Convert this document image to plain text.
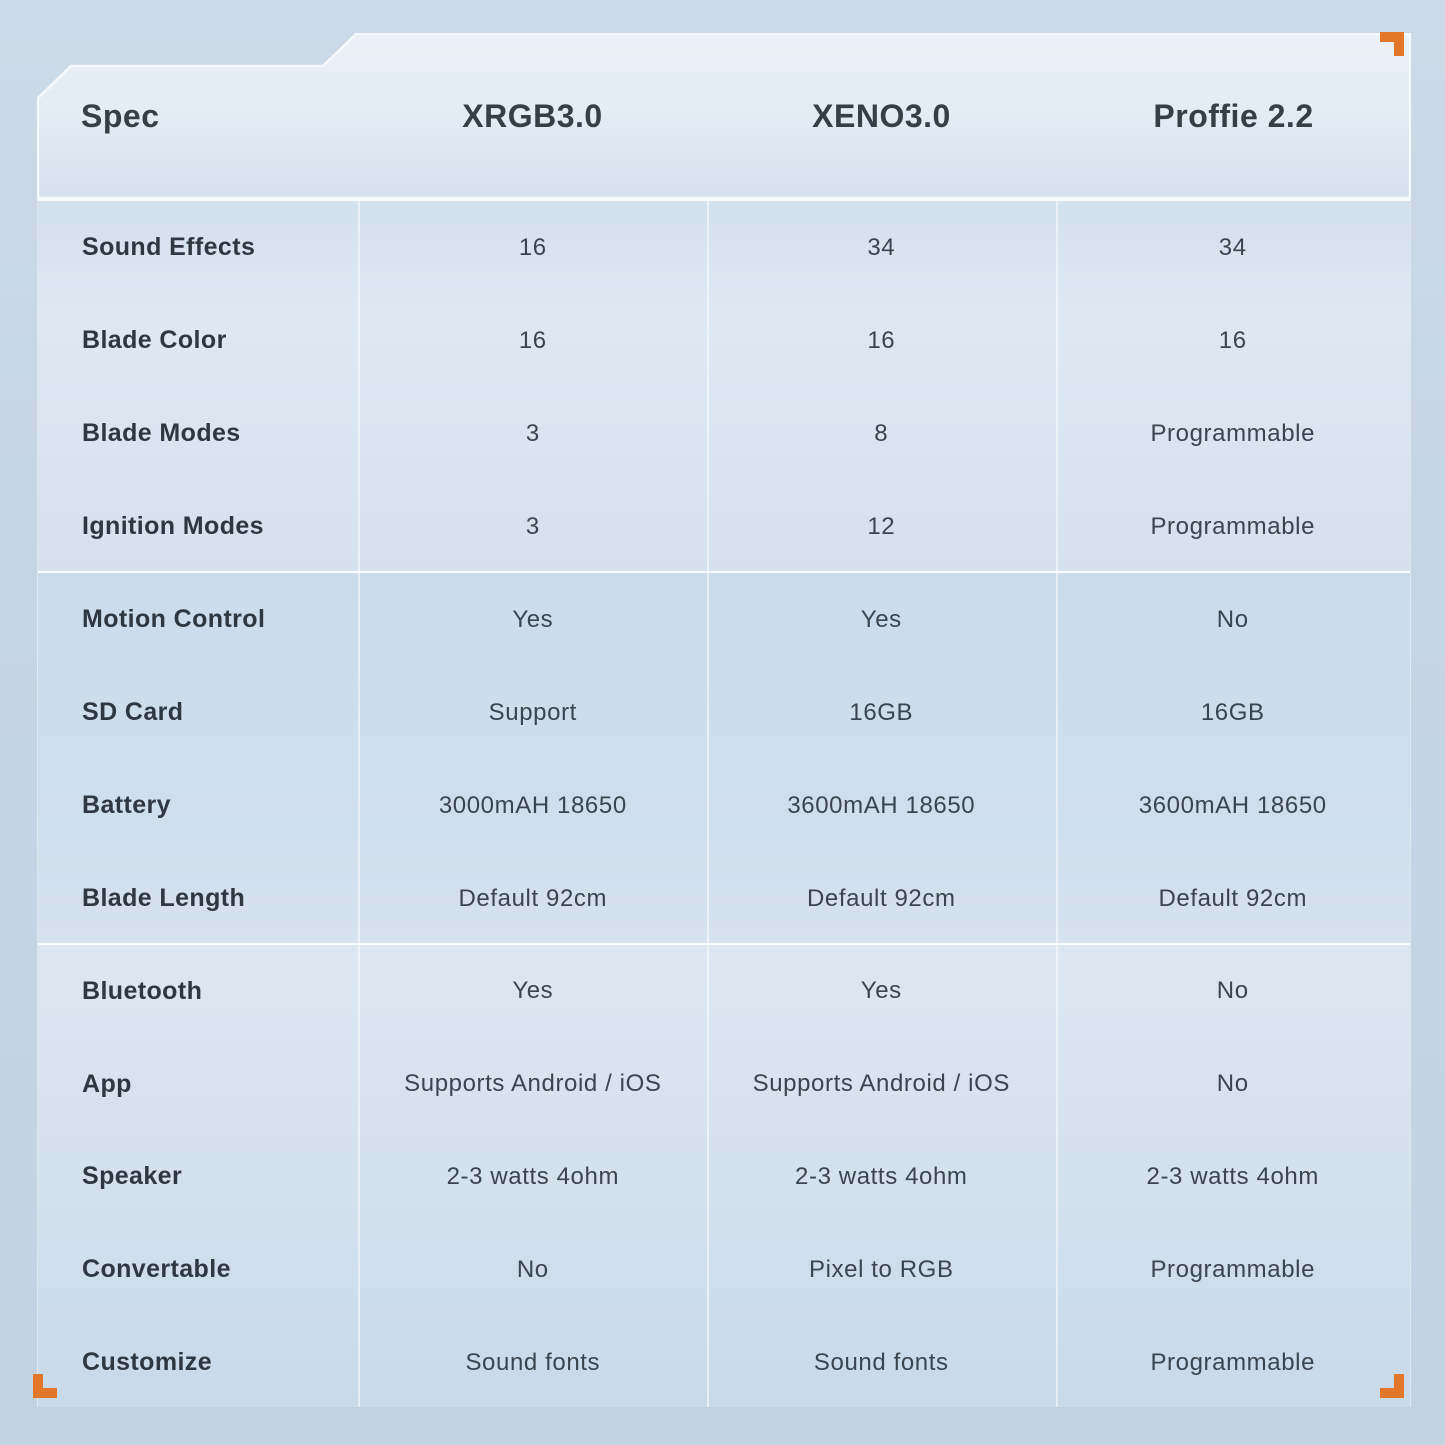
Spec	XRGB3.0	XENO3.0	Proffie 2.2
Sound Effects	16	34	34
Blade Color	16	16	16
Blade Modes	3	8	Programmable
Ignition Modes	3	12	Programmable
Motion Control	Yes	Yes	No
SD Card	Support	16GB	16GB
Battery	3000mAH 18650	3600mAH 18650	3600mAH 18650
Blade Length	Default 92cm	Default 92cm	Default 92cm
Bluetooth	Yes	Yes	No
App	Supports Android / iOS	Supports Android / iOS	No
Speaker	2-3 watts 4ohm	2-3 watts 4ohm	2-3 watts 4ohm
Convertable	No	Pixel to RGB	Programmable
Customize	Sound fonts	Sound fonts	Programmable
